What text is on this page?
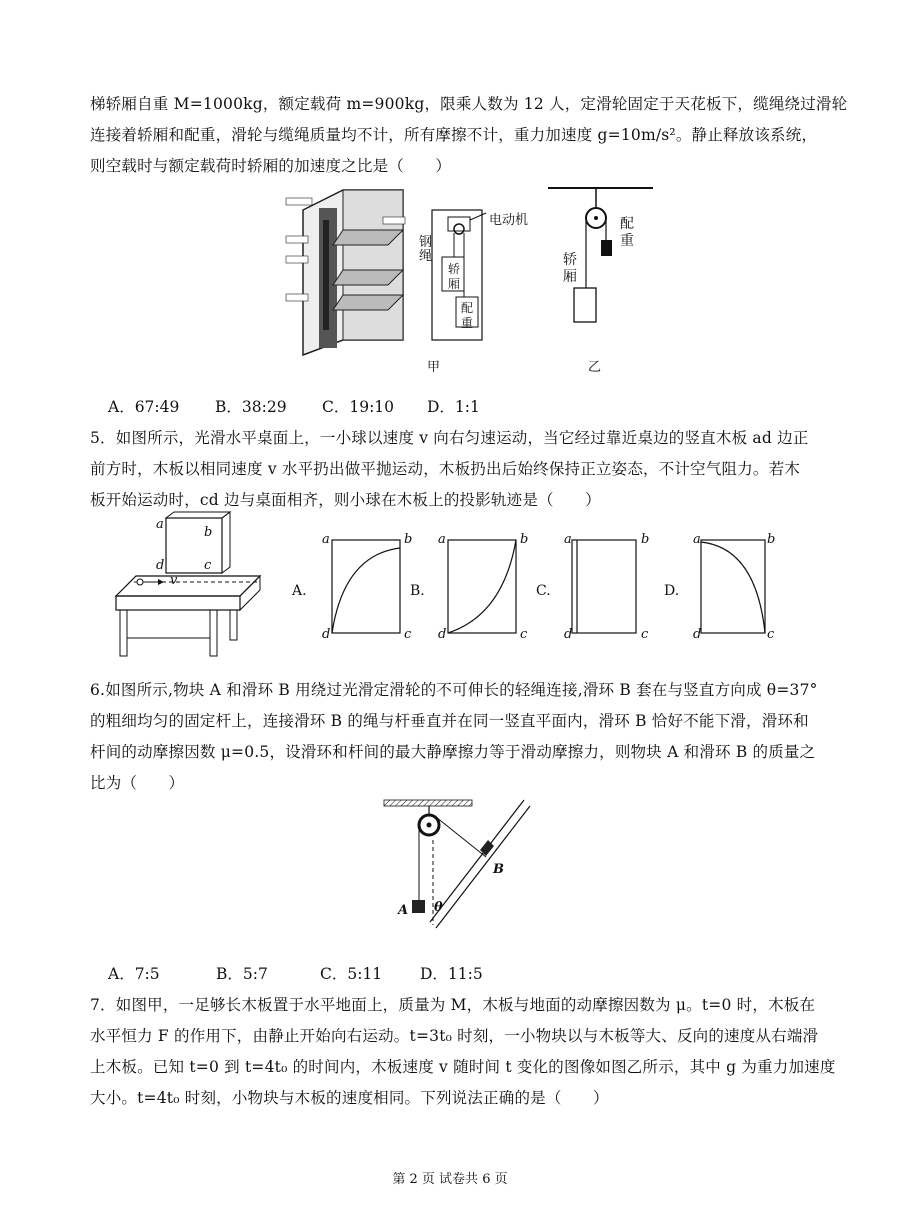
梯轿厢自重 M=1000kg，额定载荷 m=900kg，限乘人数为 12 人，定滑轮固定于天花板下，缆绳绕过滑轮
连接着轿厢和配重，滑轮与缆绳质量均不计，所有摩擦不计，重力加速度 g=10m/s²。静止释放该系统，
则空载时与额定载荷时轿厢的加速度之比是（　　）
电动机
钢绳
轿厢
配重
甲
配重
轿厢
乙
A．67:49 B．38:29 C．19:10 D．1:1
5．如图所示，光滑水平桌面上，一小球以速度 v 向右匀速运动，当它经过靠近桌边的竖直木板 ad 边正
前方时，木板以相同速度 v 水平扔出做平抛运动，木板扔出后始终保持正立姿态，不计空气阻力。若木
板开始运动时，cd 边与桌面相齐，则小球在木板上的投影轨迹是（　　）
a
b
c
d
v
A.
a	b
d	c
B.
a	b
d	c
C.
a	b
d	c
D.
a	b
d	c
6.如图所示,物块 A 和滑环 B 用绕过光滑定滑轮的不可伸长的轻绳连接,滑环 B 套在与竖直方向成 θ=37°
的粗细均匀的固定杆上，连接滑环 B 的绳与杆垂直并在同一竖直平面内，滑环 B 恰好不能下滑，滑环和
杆间的动摩擦因数 μ=0.5，设滑环和杆间的最大静摩擦力等于滑动摩擦力，则物块 A 和滑环 B 的质量之
比为（　　）
B
A θ
A．7:5	B．5:7	C．5:11 D．11:5
7．如图甲，一足够长木板置于水平地面上，质量为 M，木板与地面的动摩擦因数为 μ。t=0 时，木板在
水平恒力 F 的作用下，由静止开始向右运动。t=3t₀ 时刻，一小物块以与木板等大、反向的速度从右端滑
上木板。已知 t=0 到 t=4t₀ 的时间内，木板速度 v 随时间 t 变化的图像如图乙所示，其中 g 为重力加速度
大小。t=4t₀ 时刻，小物块与木板的速度相同。下列说法正确的是（　　）
第 2 页 试卷共 6 页
